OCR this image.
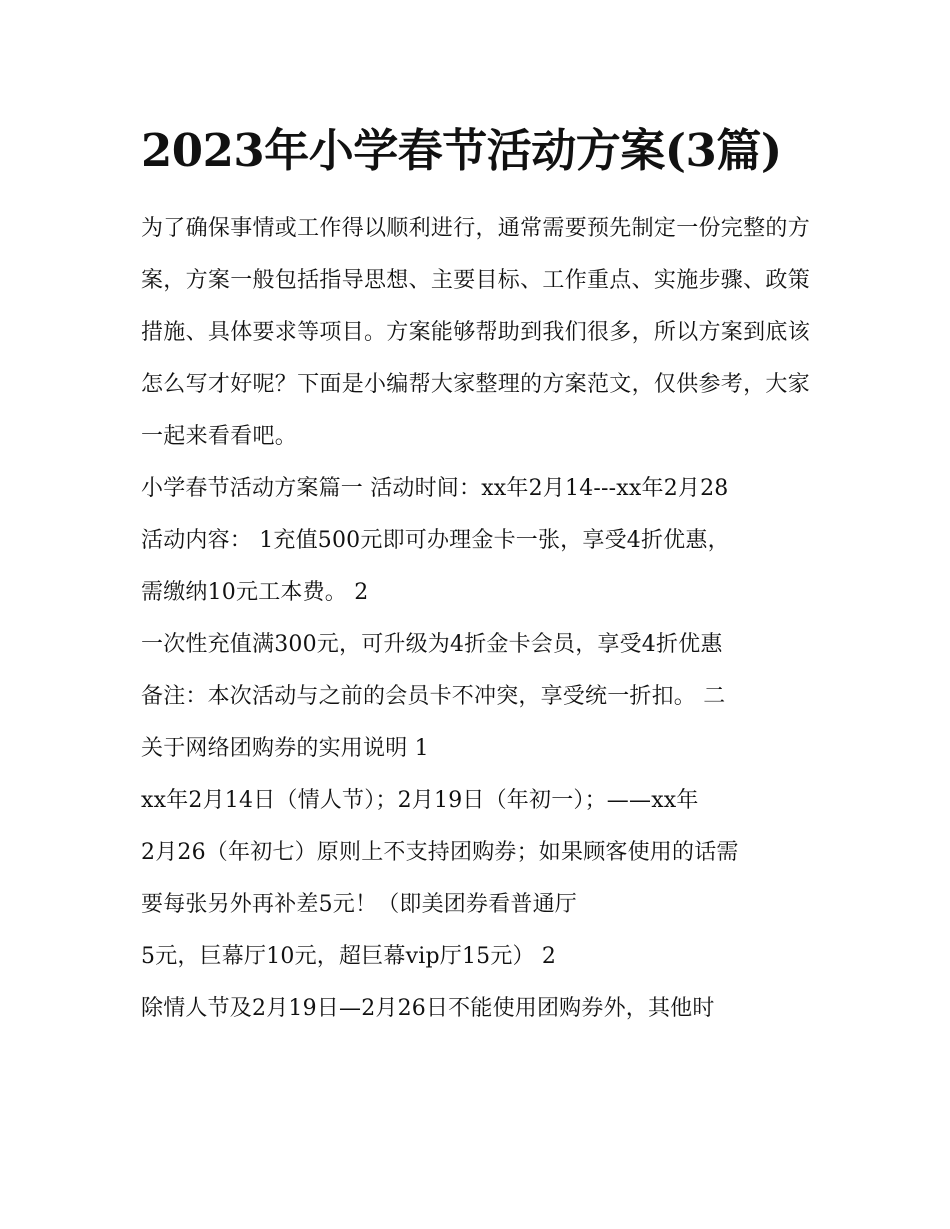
2023年小学春节活动方案(3篇)

为了确保事情或工作得以顺利进行，通常需要预先制定一份完整的方案，方案一般包括指导思想、主要目标、工作重点、实施步骤、政策措施、具体要求等项目。方案能够帮助到我们很多，所以方案到底该怎么写才好呢？下面是小编帮大家整理的方案范文，仅供参考，大家一起来看看吧。

小学春节活动方案篇一 活动时间：xx年2月14---xx年2月28
活动内容： 1充值500元即可办理金卡一张，享受4折优惠，
需缴纳10元工本费。 2
一次性充值满300元，可升级为4折金卡会员，享受4折优惠
备注：本次活动与之前的会员卡不冲突，享受统一折扣。 二
关于网络团购券的实用说明 1
xx年2月14日（情人节）；2月19日（年初一）；——xx年
2月26（年初七）原则上不支持团购券；如果顾客使用的话需
要每张另外再补差5元！（即美团券看普通厅
5元，巨幕厅10元，超巨幕vip厅15元） 2
除情人节及2月19日—2月26日不能使用团购券外，其他时
